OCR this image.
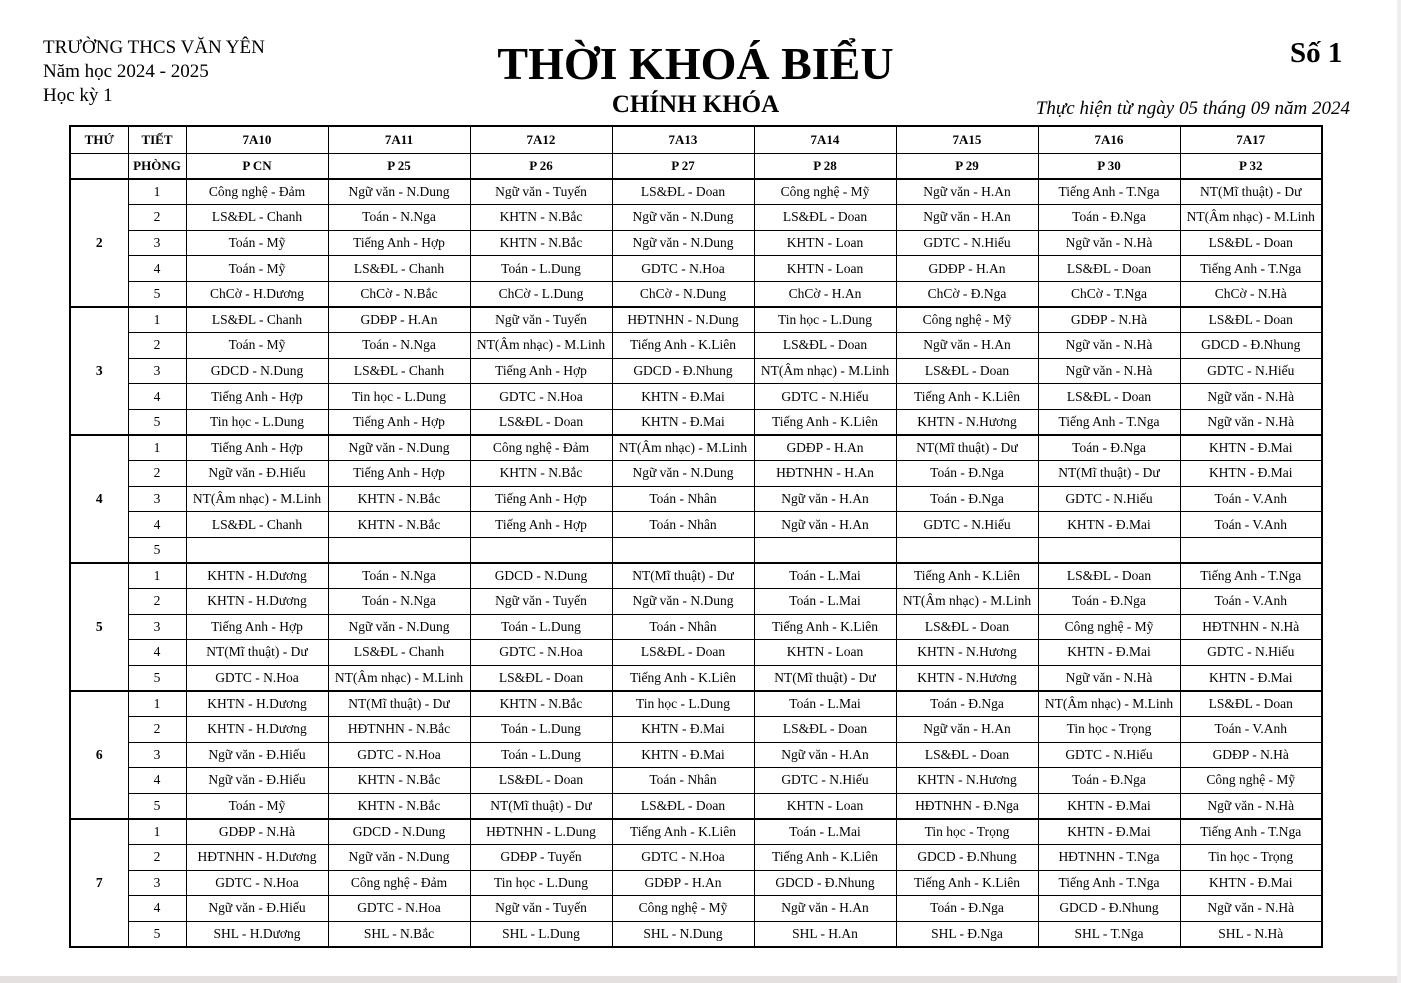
TRƯỜNG THCS VĂN YÊN
Năm học 2024 - 2025
Học kỳ 1
THỜI KHOÁ BIỂU
CHÍNH KHÓA
Số 1
Thực hiện từ ngày 05 tháng 09 năm 2024
THỨ	TIẾT	7A10	7A11	7A12	7A13	7A14	7A15	7A16	7A17
	PHÒNG	P CN	P 25	P 26	P 27	P 28	P 29	P 30	P 32
2	1	Công nghệ - Đảm	Ngữ văn - N.Dung	Ngữ văn - Tuyến	LS&ĐL - Doan	Công nghệ - Mỹ	Ngữ văn - H.An	Tiếng Anh - T.Nga	NT(Mĩ thuật) - Dư
	2	LS&ĐL - Chanh	Toán - N.Nga	KHTN - N.Bắc	Ngữ văn - N.Dung	LS&ĐL - Doan	Ngữ văn - H.An	Toán - Đ.Nga	NT(Âm nhạc) - M.Linh
	3	Toán - Mỹ	Tiếng Anh - Hợp	KHTN - N.Bắc	Ngữ văn - N.Dung	KHTN - Loan	GDTC - N.Hiếu	Ngữ văn - N.Hà	LS&ĐL - Doan
	4	Toán - Mỹ	LS&ĐL - Chanh	Toán - L.Dung	GDTC - N.Hoa	KHTN - Loan	GDĐP - H.An	LS&ĐL - Doan	Tiếng Anh - T.Nga
	5	ChCờ - H.Dương	ChCờ - N.Bắc	ChCờ - L.Dung	ChCờ - N.Dung	ChCờ - H.An	ChCờ - Đ.Nga	ChCờ - T.Nga	ChCờ - N.Hà
3	1	LS&ĐL - Chanh	GDĐP - H.An	Ngữ văn - Tuyến	HĐTNHN - N.Dung	Tin học - L.Dung	Công nghệ - Mỹ	GDĐP - N.Hà	LS&ĐL - Doan
	2	Toán - Mỹ	Toán - N.Nga	NT(Âm nhạc) - M.Linh	Tiếng Anh - K.Liên	LS&ĐL - Doan	Ngữ văn - H.An	Ngữ văn - N.Hà	GDCD - Đ.Nhung
	3	GDCD - N.Dung	LS&ĐL - Chanh	Tiếng Anh - Hợp	GDCD - Đ.Nhung	NT(Âm nhạc) - M.Linh	LS&ĐL - Doan	Ngữ văn - N.Hà	GDTC - N.Hiếu
	4	Tiếng Anh - Hợp	Tin học - L.Dung	GDTC - N.Hoa	KHTN - Đ.Mai	GDTC - N.Hiếu	Tiếng Anh - K.Liên	LS&ĐL - Doan	Ngữ văn - N.Hà
	5	Tin học - L.Dung	Tiếng Anh - Hợp	LS&ĐL - Doan	KHTN - Đ.Mai	Tiếng Anh - K.Liên	KHTN - N.Hương	Tiếng Anh - T.Nga	Ngữ văn - N.Hà
4	1	Tiếng Anh - Hợp	Ngữ văn - N.Dung	Công nghệ - Đảm	NT(Âm nhạc) - M.Linh	GDĐP - H.An	NT(Mĩ thuật) - Dư	Toán - Đ.Nga	KHTN - Đ.Mai
	2	Ngữ văn - Đ.Hiếu	Tiếng Anh - Hợp	KHTN - N.Bắc	Ngữ văn - N.Dung	HĐTNHN - H.An	Toán - Đ.Nga	NT(Mĩ thuật) - Dư	KHTN - Đ.Mai
	3	NT(Âm nhạc) - M.Linh	KHTN - N.Bắc	Tiếng Anh - Hợp	Toán - Nhân	Ngữ văn - H.An	Toán - Đ.Nga	GDTC - N.Hiếu	Toán - V.Anh
	4	LS&ĐL - Chanh	KHTN - N.Bắc	Tiếng Anh - Hợp	Toán - Nhân	Ngữ văn - H.An	GDTC - N.Hiếu	KHTN - Đ.Mai	Toán - V.Anh
	5								
5	1	KHTN - H.Dương	Toán - N.Nga	GDCD - N.Dung	NT(Mĩ thuật) - Dư	Toán - L.Mai	Tiếng Anh - K.Liên	LS&ĐL - Doan	Tiếng Anh - T.Nga
	2	KHTN - H.Dương	Toán - N.Nga	Ngữ văn - Tuyến	Ngữ văn - N.Dung	Toán - L.Mai	NT(Âm nhạc) - M.Linh	Toán - Đ.Nga	Toán - V.Anh
	3	Tiếng Anh - Hợp	Ngữ văn - N.Dung	Toán - L.Dung	Toán - Nhân	Tiếng Anh - K.Liên	LS&ĐL - Doan	Công nghệ - Mỹ	HĐTNHN - N.Hà
	4	NT(Mĩ thuật) - Dư	LS&ĐL - Chanh	GDTC - N.Hoa	LS&ĐL - Doan	KHTN - Loan	KHTN - N.Hương	KHTN - Đ.Mai	GDTC - N.Hiếu
	5	GDTC - N.Hoa	NT(Âm nhạc) - M.Linh	LS&ĐL - Doan	Tiếng Anh - K.Liên	NT(Mĩ thuật) - Dư	KHTN - N.Hương	Ngữ văn - N.Hà	KHTN - Đ.Mai
6	1	KHTN - H.Dương	NT(Mĩ thuật) - Dư	KHTN - N.Bắc	Tin học - L.Dung	Toán - L.Mai	Toán - Đ.Nga	NT(Âm nhạc) - M.Linh	LS&ĐL - Doan
	2	KHTN - H.Dương	HĐTNHN - N.Bắc	Toán - L.Dung	KHTN - Đ.Mai	LS&ĐL - Doan	Ngữ văn - H.An	Tin học - Trọng	Toán - V.Anh
	3	Ngữ văn - Đ.Hiếu	GDTC - N.Hoa	Toán - L.Dung	KHTN - Đ.Mai	Ngữ văn - H.An	LS&ĐL - Doan	GDTC - N.Hiếu	GDĐP - N.Hà
	4	Ngữ văn - Đ.Hiếu	KHTN - N.Bắc	LS&ĐL - Doan	Toán - Nhân	GDTC - N.Hiếu	KHTN - N.Hương	Toán - Đ.Nga	Công nghệ - Mỹ
	5	Toán - Mỹ	KHTN - N.Bắc	NT(Mĩ thuật) - Dư	LS&ĐL - Doan	KHTN - Loan	HĐTNHN - Đ.Nga	KHTN - Đ.Mai	Ngữ văn - N.Hà
7	1	GDĐP - N.Hà	GDCD - N.Dung	HĐTNHN - L.Dung	Tiếng Anh - K.Liên	Toán - L.Mai	Tin học - Trọng	KHTN - Đ.Mai	Tiếng Anh - T.Nga
	2	HĐTNHN - H.Dương	Ngữ văn - N.Dung	GDĐP - Tuyến	GDTC - N.Hoa	Tiếng Anh - K.Liên	GDCD - Đ.Nhung	HĐTNHN - T.Nga	Tin học - Trọng
	3	GDTC - N.Hoa	Công nghệ - Đảm	Tin học - L.Dung	GDĐP - H.An	GDCD - Đ.Nhung	Tiếng Anh - K.Liên	Tiếng Anh - T.Nga	KHTN - Đ.Mai
	4	Ngữ văn - Đ.Hiếu	GDTC - N.Hoa	Ngữ văn - Tuyến	Công nghệ - Mỹ	Ngữ văn - H.An	Toán - Đ.Nga	GDCD - Đ.Nhung	Ngữ văn - N.Hà
	5	SHL - H.Dương	SHL - N.Bắc	SHL - L.Dung	SHL - N.Dung	SHL - H.An	SHL - Đ.Nga	SHL - T.Nga	SHL - N.Hà
